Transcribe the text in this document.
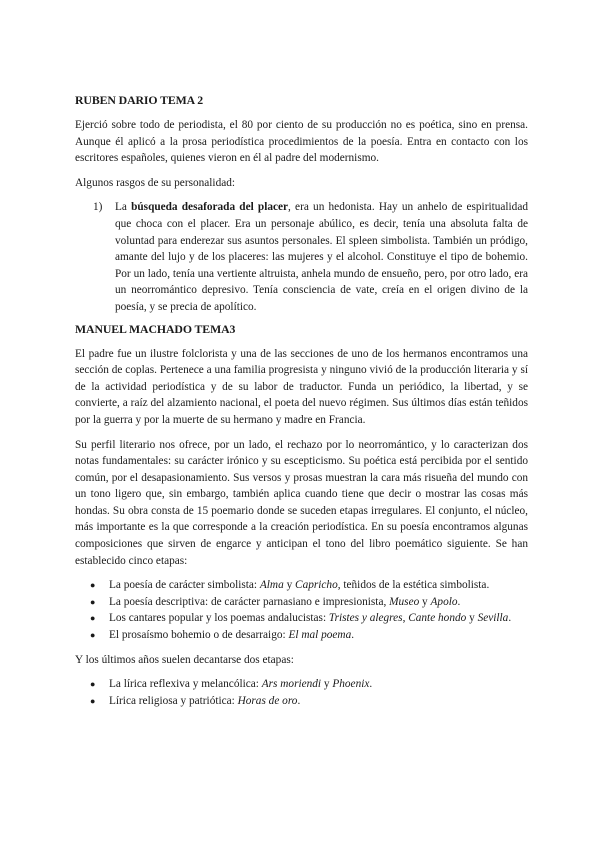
RUBEN DARIO TEMA 2

Ejerció sobre todo de periodista, el 80 por ciento de su producción no es poética, sino en prensa. Aunque él aplicó a la prosa periodística procedimientos de la poesía. Entra en contacto con los escritores españoles, quienes vieron en él al padre del modernismo.

Algunos rasgos de su personalidad:

1) La búsqueda desaforada del placer, era un hedonista. Hay un anhelo de espiritualidad que choca con el placer. Era un personaje abúlico, es decir, tenía una absoluta falta de voluntad para enderezar sus asuntos personales. El spleen simbolista. También un pródigo, amante del lujo y de los placeres: las mujeres y el alcohol. Constituye el tipo de bohemio. Por un lado, tenía una vertiente altruista, anhela mundo de ensueño, pero, por otro lado, era un neorromántico depresivo. Tenía consciencia de vate, creía en el origen divino de la poesía, y se precia de apolítico.
MANUEL MACHADO TEMA3

El padre fue un ilustre folclorista y una de las secciones de uno de los hermanos encontramos una sección de coplas. Pertenece a una familia progresista y ninguno vivió de la producción literaria y sí de la actividad periodística y de su labor de traductor. Funda un periódico, la libertad, y se convierte, a raíz del alzamiento nacional, el poeta del nuevo régimen. Sus últimos días están teñidos por la guerra y por la muerte de su hermano y madre en Francia.

Su perfil literario nos ofrece, por un lado, el rechazo por lo neorromántico, y lo caracterizan dos notas fundamentales: su carácter irónico y su escepticismo. Su poética está percibida por el sentido común, por el desapasionamiento. Sus versos y prosas muestran la cara más risueña del mundo con un tono ligero que, sin embargo, también aplica cuando tiene que decir o mostrar las cosas más hondas. Su obra consta de 15 poemario donde se suceden etapas irregulares. El conjunto, el núcleo, más importante es la que corresponde a la creación periodística. En su poesía encontramos algunas composiciones que sirven de engarce y anticipan el tono del libro poemático siguiente. Se han establecido cinco etapas:

● La poesía de carácter simbolista: Alma y Capricho, teñidos de la estética simbolista.
● La poesía descriptiva: de carácter parnasiano e impresionista, Museo y Apolo.
● Los cantares popular y los poemas andalucistas: Tristes y alegres, Cante hondo y Sevilla.
● El prosaísmo bohemio o de desarraigo: El mal poema.

Y los últimos años suelen decantarse dos etapas:

● La lírica reflexiva y melancólica: Ars moriendi y Phoenix.
● Lírica religiosa y patriótica: Horas de oro.
